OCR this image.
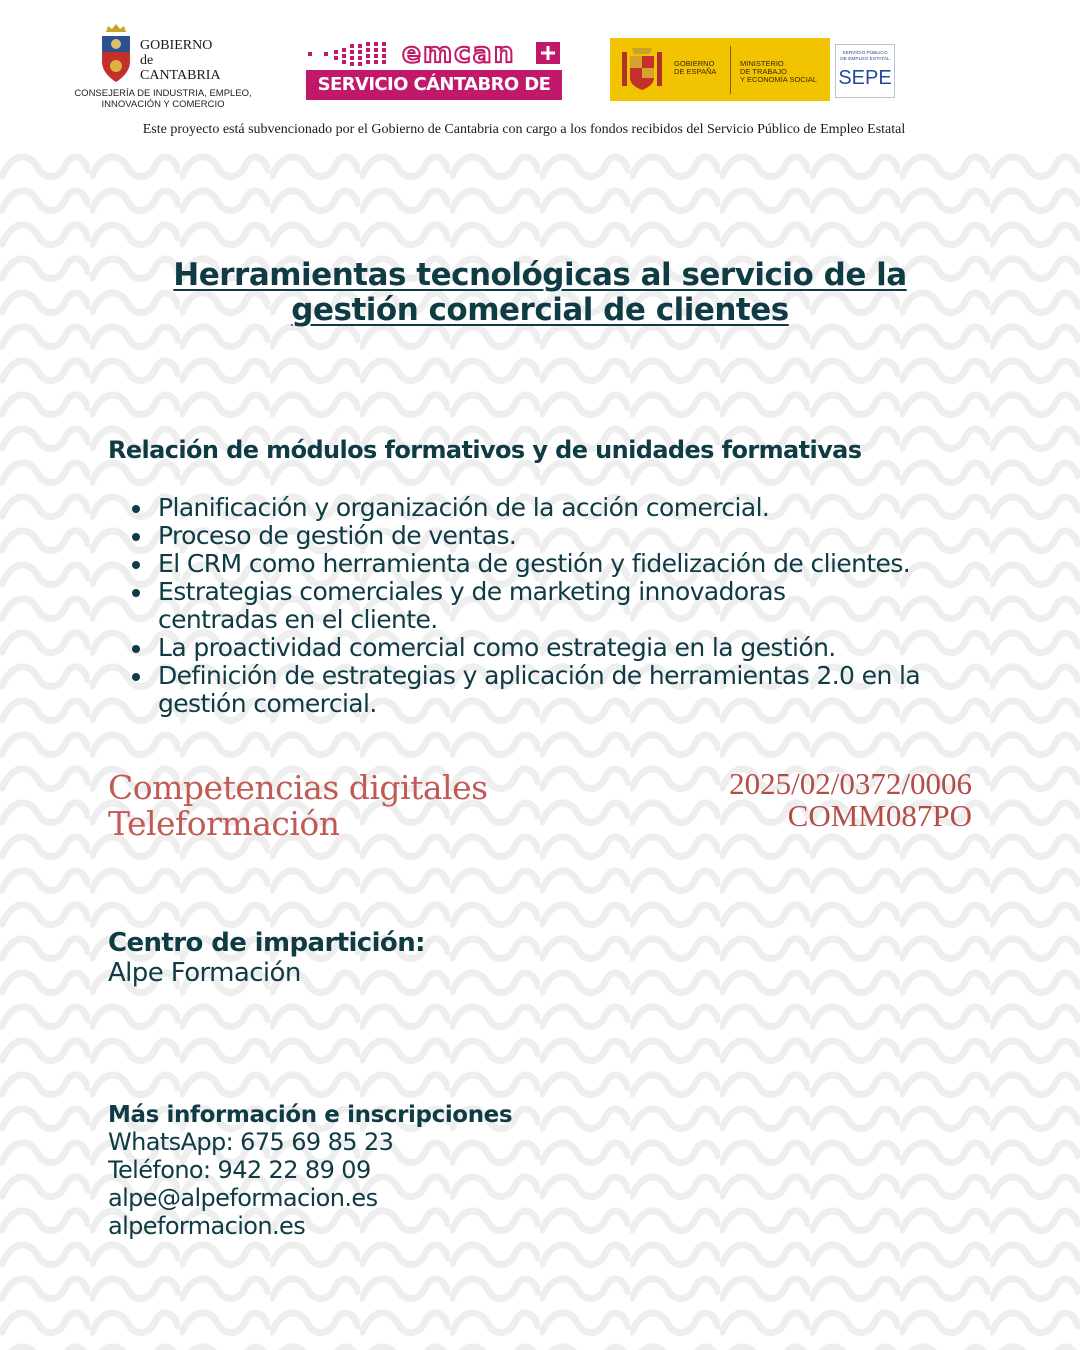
GOBIERNO
de
CANTABRIA
CONSEJERÍA DE INDUSTRIA, EMPLEO,
INNOVACIÓN Y COMERCIO
emcan
SERVICIO CÁNTABRO DE EMPLEO
GOBIERNO
DE ESPAÑA
MINISTERIO
DE TRABAJO
Y ECONOMÍA SOCIAL
SERVICIO PÚBLICO
DE EMPLEO ESTATAL
SEPE
Este proyecto está subvencionado por el Gobierno de Cantabria con cargo a los fondos recibidos del Servicio Público de Empleo Estatal
Herramientas tecnológicas al servicio de la
gestión comercial de clientes
Relación de módulos formativos y de unidades formativas
Planificación y organización de la acción comercial.
Proceso de gestión de ventas.
El CRM como herramienta de gestión y fidelización de clientes.
Estrategias comerciales y de marketing innovadoras centradas en el cliente.
La proactividad comercial como estrategia en la gestión.
Definición de estrategias y aplicación de herramientas 2.0 en la gestión comercial.
Competencias digitales
Teleformación
2025/02/0372/0006
COMM087PO
Centro de impartición:
Alpe Formación
Más información e inscripciones
WhatsApp: 675 69 85 23
Teléfono: 942 22 89 09
alpe@alpeformacion.es
alpeformacion.es
